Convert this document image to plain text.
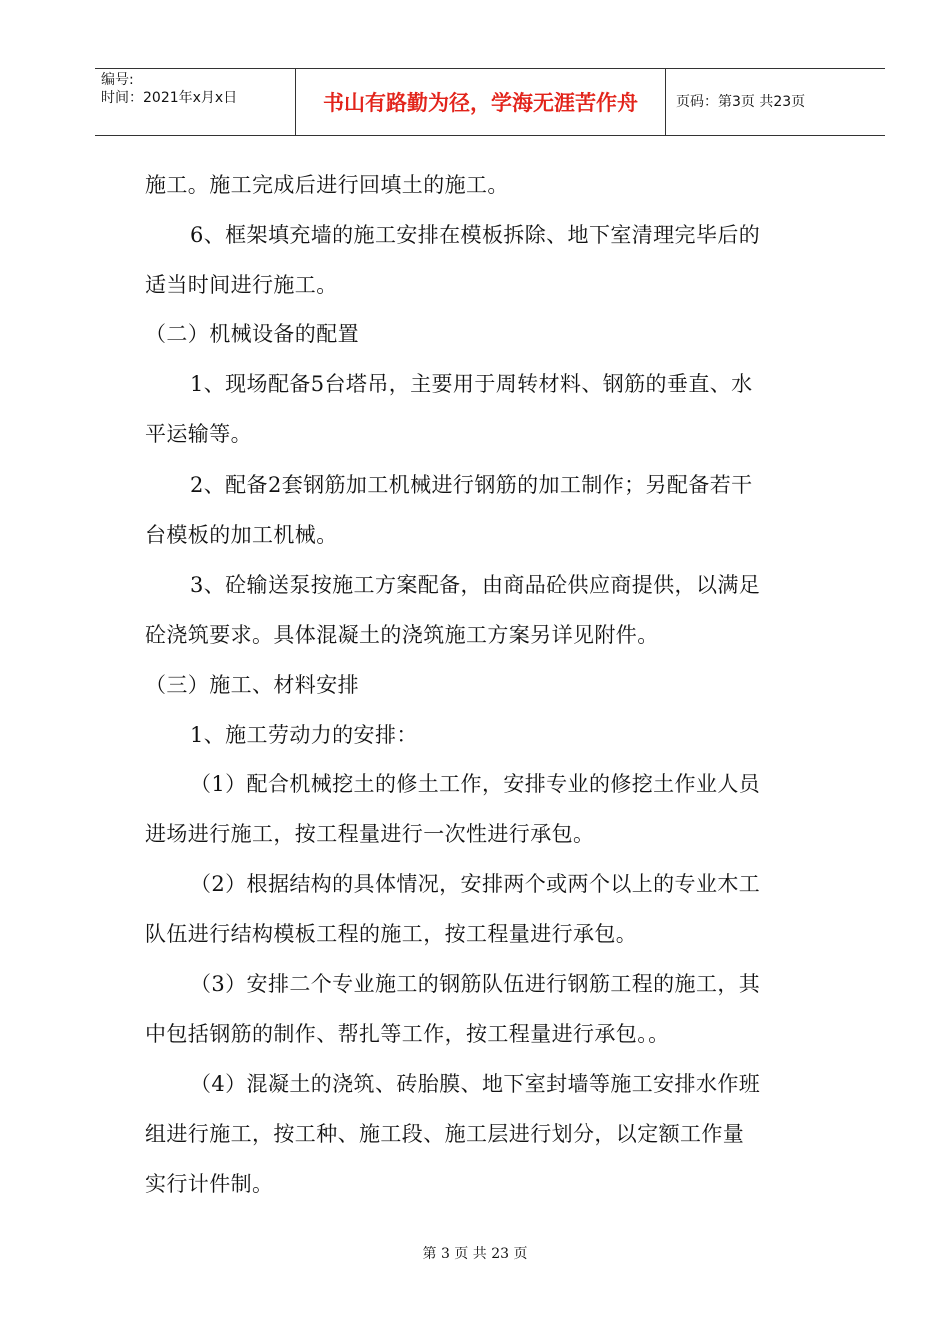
编号:
时间：2021年x月x日	书山有路勤为径，学海无涯苦作舟	页码：第3页 共23页
施工。施工完成后进行回填土的施工。
6、框架填充墙的施工安排在模板拆除、地下室清理完毕后的
适当时间进行施工。
（二）机械设备的配置
1、现场配备5台塔吊，主要用于周转材料、钢筋的垂直、水
平运输等。
2、配备2套钢筋加工机械进行钢筋的加工制作；另配备若干
台模板的加工机械。
3、砼输送泵按施工方案配备，由商品砼供应商提供，以满足
砼浇筑要求。具体混凝土的浇筑施工方案另详见附件。
（三）施工、材料安排
1、施工劳动力的安排：
（1）配合机械挖土的修土工作，安排专业的修挖土作业人员
进场进行施工，按工程量进行一次性进行承包。
（2）根据结构的具体情况，安排两个或两个以上的专业木工
队伍进行结构模板工程的施工，按工程量进行承包。
（3）安排二个专业施工的钢筋队伍进行钢筋工程的施工，其
中包括钢筋的制作、帮扎等工作，按工程量进行承包。。
（4）混凝土的浇筑、砖胎膜、地下室封墙等施工安排水作班
组进行施工，按工种、施工段、施工层进行划分，以定额工作量
实行计件制。
第 3 页 共 23 页
